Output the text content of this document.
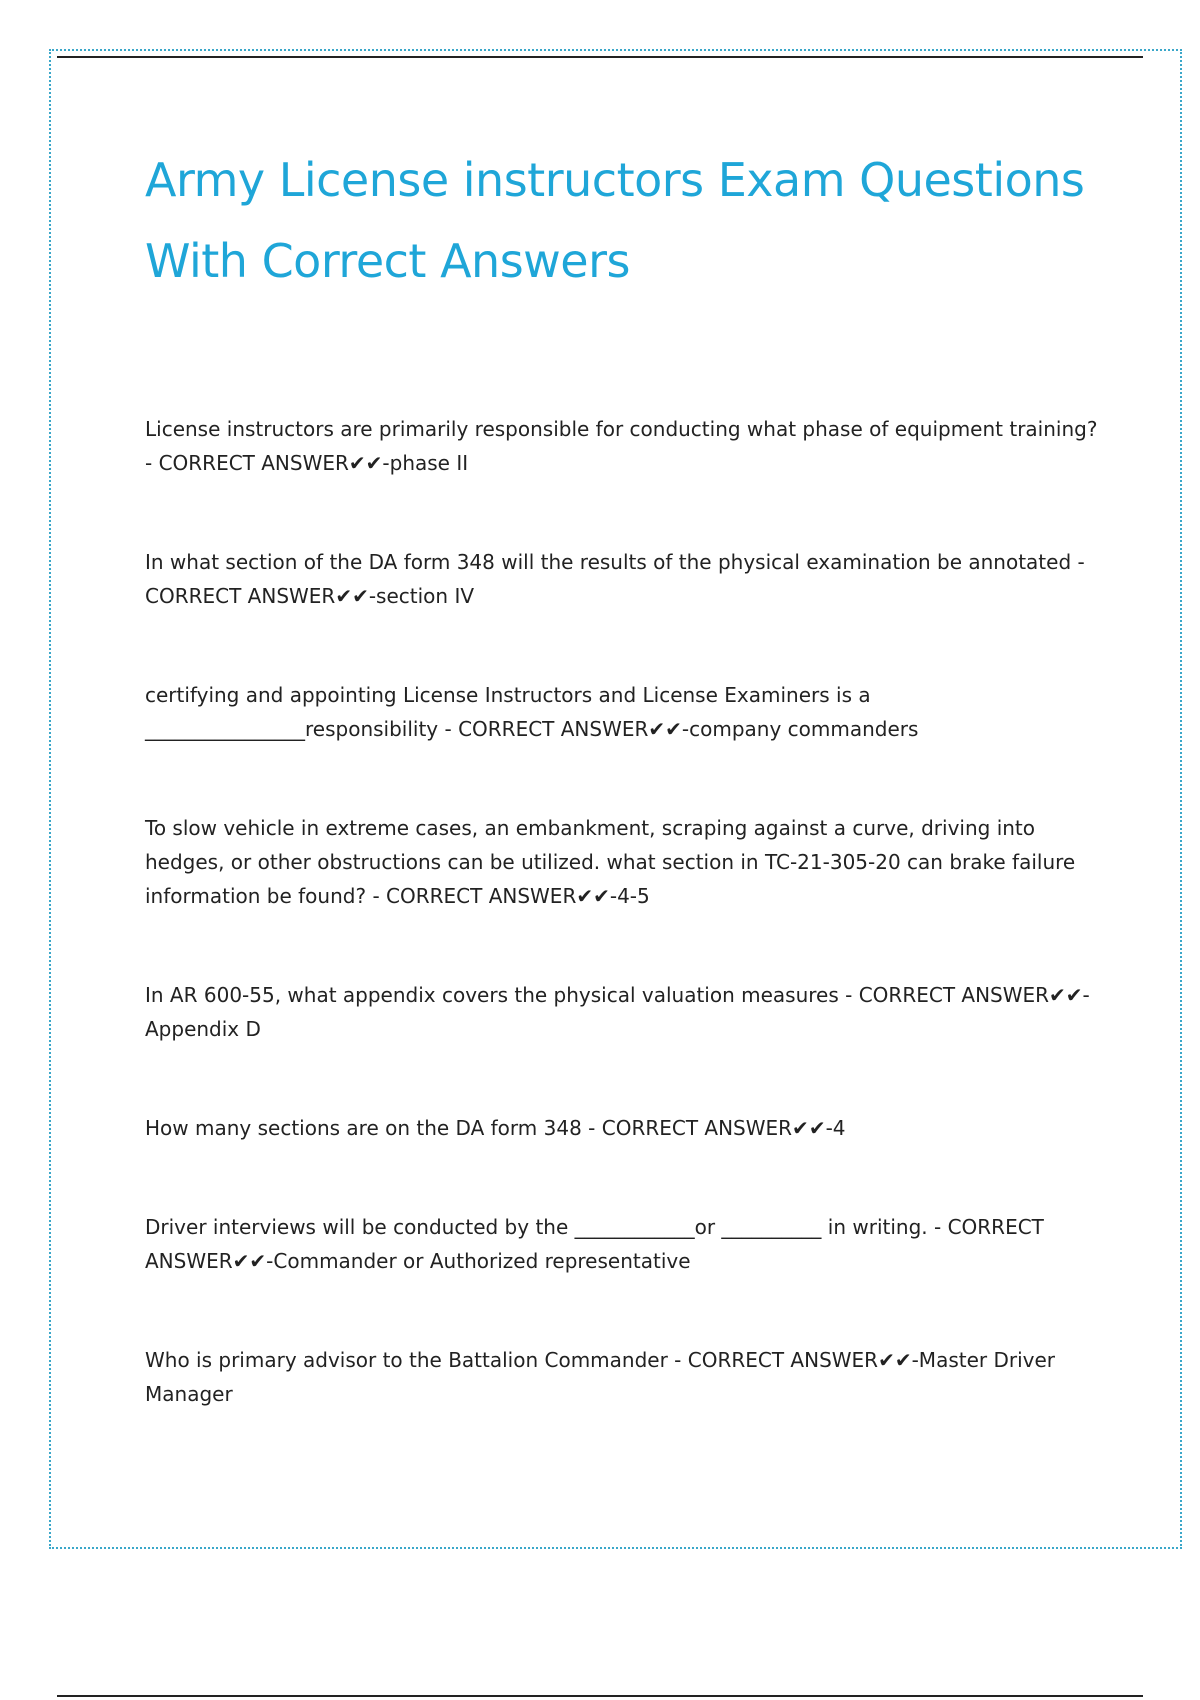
Army License instructors Exam Questions With Correct Answers

License instructors are primarily responsible for conducting what phase of equipment training? - CORRECT ANSWER✔✔-phase II

In what section of the DA form 348 will the results of the physical examination be annotated - CORRECT ANSWER✔✔-section IV

certifying and appointing License Instructors and License Examiners is a ________________responsibility - CORRECT ANSWER✔✔-company commanders

To slow vehicle in extreme cases, an embankment, scraping against a curve, driving into hedges, or other obstructions can be utilized. what section in TC-21-305-20 can brake failure information be found? - CORRECT ANSWER✔✔-4-5

In AR 600-55, what appendix covers the physical valuation measures - CORRECT ANSWER✔✔-Appendix D

How many sections are on the DA form 348 - CORRECT ANSWER✔✔-4

Driver interviews will be conducted by the ____________or __________ in writing. - CORRECT ANSWER✔✔-Commander or Authorized representative

Who is primary advisor to the Battalion Commander - CORRECT ANSWER✔✔-Master Driver Manager
